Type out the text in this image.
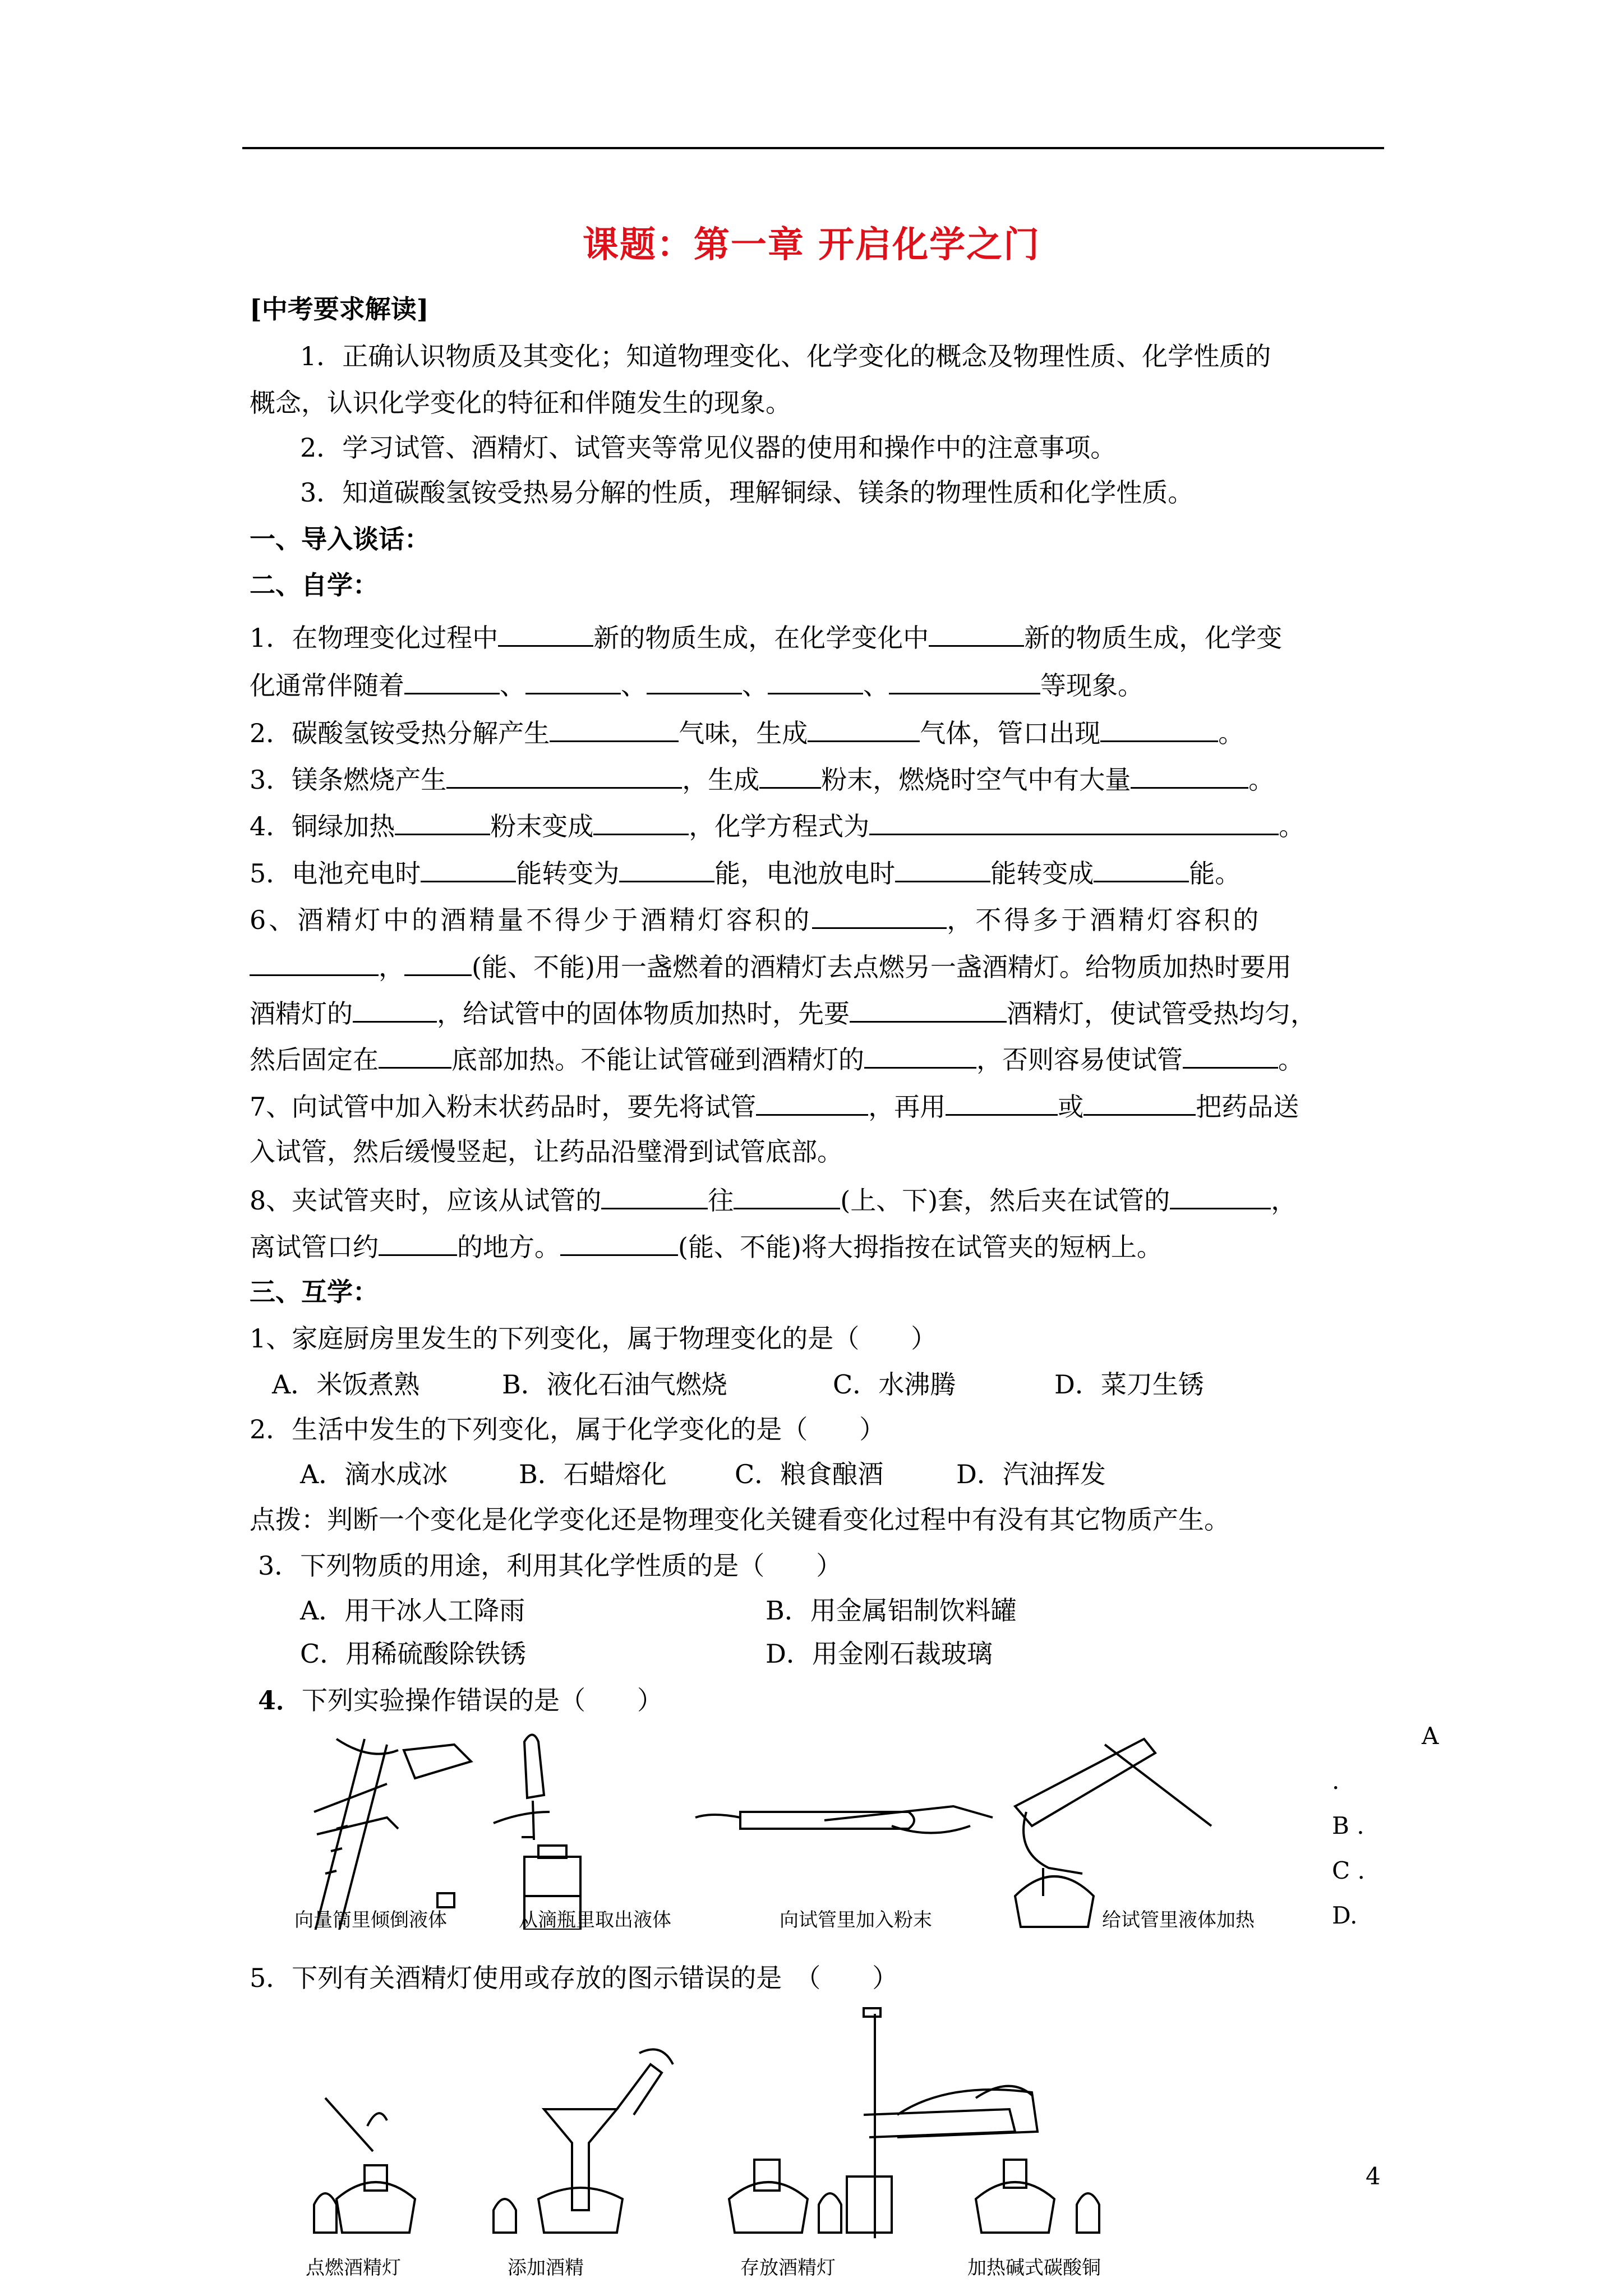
课题：第一章 开启化学之门
[中考要求解读]
1．正确认识物质及其变化；知道物理变化、化学变化的概念及物理性质、化学性质的
概念，认识化学变化的特征和伴随发生的现象。
2．学习试管、酒精灯、试管夹等常见仪器的使用和操作中的注意事项。
3．知道碳酸氢铵受热易分解的性质，理解铜绿、镁条的物理性质和化学性质。
一、导入谈话：
二、自学：
1．在物理变化过程中	新的物质生成，在化学变化中	新的物质生成，化学变
化通常伴随着	、	、	、	、	等现象。
2．碳酸氢铵受热分解产生	气味，生成	气体，管口出现	。
3．镁条燃烧产生	，生成 粉末，燃烧时空气中有大量	。
4．铜绿加热	粉末变成	，化学方程式为	。
5．电池充电时	能转变为	能，电池放电时	能转变成	能。
6、酒精灯中的酒精量不得少于酒精灯容积的	，不得多于酒精灯容积的
，	(能、不能)用一盏燃着的酒精灯去点燃另一盏酒精灯。给物质加热时要用
酒精灯的	，给试管中的固体物质加热时，先要	酒精灯，使试管受热均匀，
然后固定在	底部加热。不能让试管碰到酒精灯的	，否则容易使试管	。
7、向试管中加入粉末状药品时，要先将试管	，再用	或	把药品送
入试管，然后缓慢竖起，让药品沿璧滑到试管底部。
8、夹试管夹时，应该从试管的	往	(上、下)套，然后夹在试管的	，
离试管口约	的地方。	(能、不能)将大拇指按在试管夹的短柄上。
三、互学：
1、家庭厨房里发生的下列变化，属于物理变化的是（　　）
A．米饭煮熟	B．液化石油气燃烧	C．水沸腾	D．菜刀生锈
2．生活中发生的下列变化，属于化学变化的是（　　）
A．滴水成冰	B．石蜡熔化	C．粮食酿酒	D．汽油挥发
点拨：判断一个变化是化学变化还是物理变化关键看变化过程中有没有其它物质产生。
3．下列物质的用途，利用其化学性质的是（　　）
A．用干冰人工降雨	B．用金属铝制饮料罐
C．用稀硫酸除铁锈	D．用金刚石裁玻璃
4．下列实验操作错误的是（　　）
向量筒里倾倒液体	从滴瓶里取出液体	向试管里加入粉末	给试管里液体加热
A
.
B .
C .
D.
5．下列有关酒精灯使用或存放的图示错误的是　（　　）
点燃酒精灯	添加酒精	存放酒精灯	加热碱式碳酸铜
4
